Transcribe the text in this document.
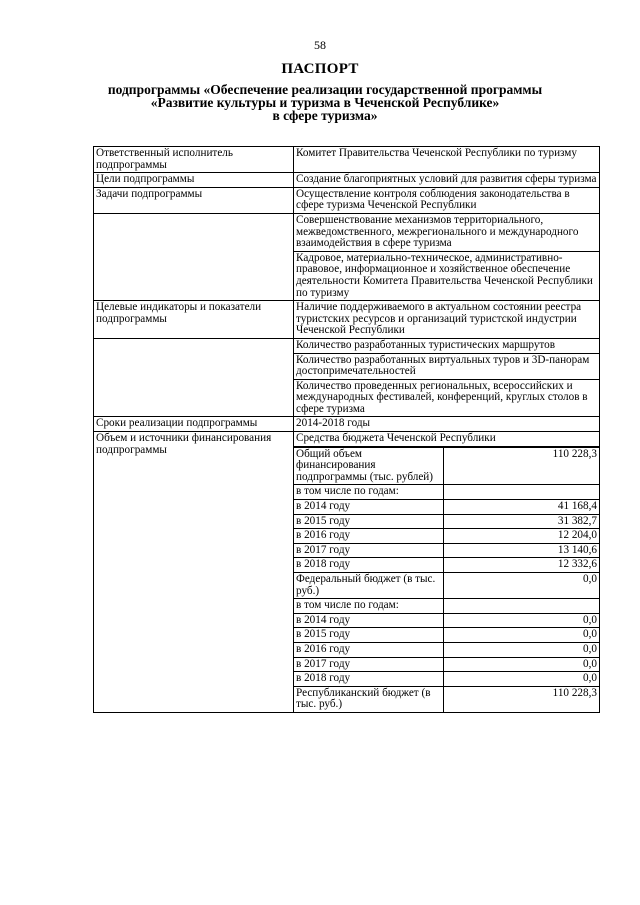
58
ПАСПОРТ
подпрограммы «Обеспечение реализации государственной программы
«Развитие культуры и туризма в Чеченской Республике»
в сфере туризма»
Ответственный исполнитель подпрограммы	Комитет Правительства Чеченской Республики по туризму
Цели подпрограммы	Создание благоприятных условий для развития сферы туризма
Задачи подпрограммы	Осуществление контроля соблюдения законодательства в сфере туризма Чеченской Республики
	Совершенствование механизмов территориального, межведомственного, межрегионального и международного взаимодействия в сфере туризма
	Кадровое, материально-техническое, административно-правовое, информационное и хозяйственное обеспечение деятельности Комитета Правительства Чеченской Республики по туризму
Целевые индикаторы и показатели подпрограммы	Наличие поддерживаемого в актуальном состоянии реестра туристских ресурсов и организаций туристской индустрии Чеченской Республики
	Количество разработанных туристических маршрутов
	Количество разработанных виртуальных туров и 3D-панорам достопримечательностей
	Количество проведенных региональных, всероссийских и международных фестивалей, конференций, круглых столов в сфере туризма
Сроки реализации подпрограммы	2014-2018 годы
Объем и источники финансирования подпрограммы	Средства бюджета Чеченской Республики

Общий объем финансирования подпрограммы (тыс. рублей)	110 228,3
в том числе по годам:	
в 2014 году	41 168,4
в 2015 году	31 382,7
в 2016 году	12 204,0
в 2017 году	13 140,6
в 2018 году	12 332,6
Федеральный бюджет (в тыс. руб.)	0,0
в том числе по годам:	
в 2014 году	0,0
в 2015 году	0,0
в 2016 году	0,0
в 2017 году	0,0
в 2018 году	0,0
Республиканский бюджет (в тыс. руб.)	110 228,3
